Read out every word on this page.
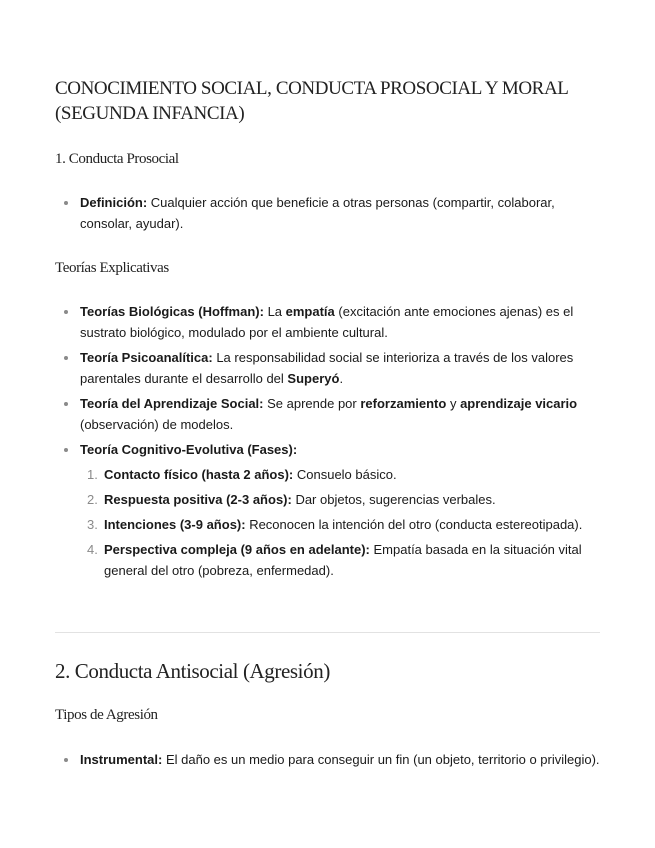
CONOCIMIENTO SOCIAL, CONDUCTA PROSOCIAL Y MORAL (SEGUNDA INFANCIA)
1. Conducta Prosocial
Definición: Cualquier acción que beneficie a otras personas (compartir, colaborar, consolar, ayudar).
Teorías Explicativas
Teorías Biológicas (Hoffman): La empatía (excitación ante emociones ajenas) es el sustrato biológico, modulado por el ambiente cultural.
Teoría Psicoanalítica: La responsabilidad social se interioriza a través de los valores parentales durante el desarrollo del Superyó.
Teoría del Aprendizaje Social: Se aprende por reforzamiento y aprendizaje vicario (observación) de modelos.
Teoría Cognitivo-Evolutiva (Fases):
1. Contacto físico (hasta 2 años): Consuelo básico.
2. Respuesta positiva (2-3 años): Dar objetos, sugerencias verbales.
3. Intenciones (3-9 años): Reconocen la intención del otro (conducta estereotipada).
4. Perspectiva compleja (9 años en adelante): Empatía basada en la situación vital general del otro (pobreza, enfermedad).
2. Conducta Antisocial (Agresión)
Tipos de Agresión
Instrumental: El daño es un medio para conseguir un fin (un objeto, territorio o privilegio).
